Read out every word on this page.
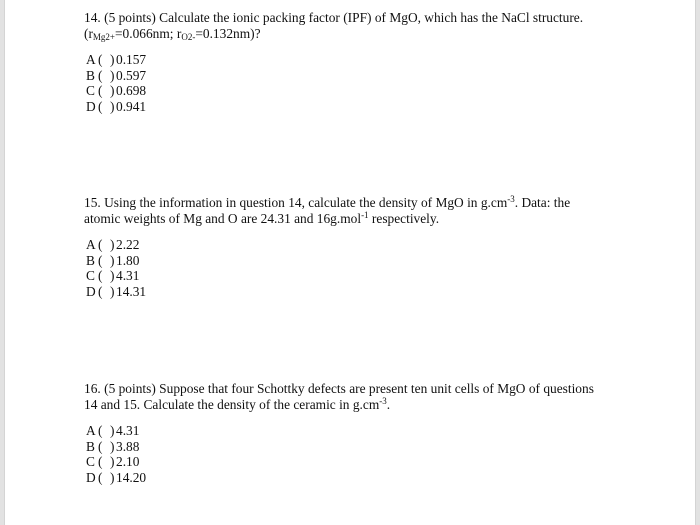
14. (5 points) Calculate the ionic packing factor (IPF) of MgO, which has the NaCl structure.
($r_{Mg2+}=0.066nm$; $r_{O2-}=0.132nm$)?

A ( ) 0.157
B ( ) 0.597
C ( ) 0.698
D ( ) 0.941

15. Using the information in question 14, calculate the density of MgO in $g.cm^{-3}$. Data: the
atomic weights of Mg and O are 24.31 and 16g.mol$^{-1}$ respectively.

A ( ) 2.22
B ( ) 1.80
C ( ) 4.31
D ( ) 14.31

16. (5 points) Suppose that four Schottky defects are present ten unit cells of MgO of questions
14 and 15. Calculate the density of the ceramic in $g.cm^{-3}$.

A ( ) 4.31
B ( ) 3.88
C ( ) 2.10
D ( ) 14.20
